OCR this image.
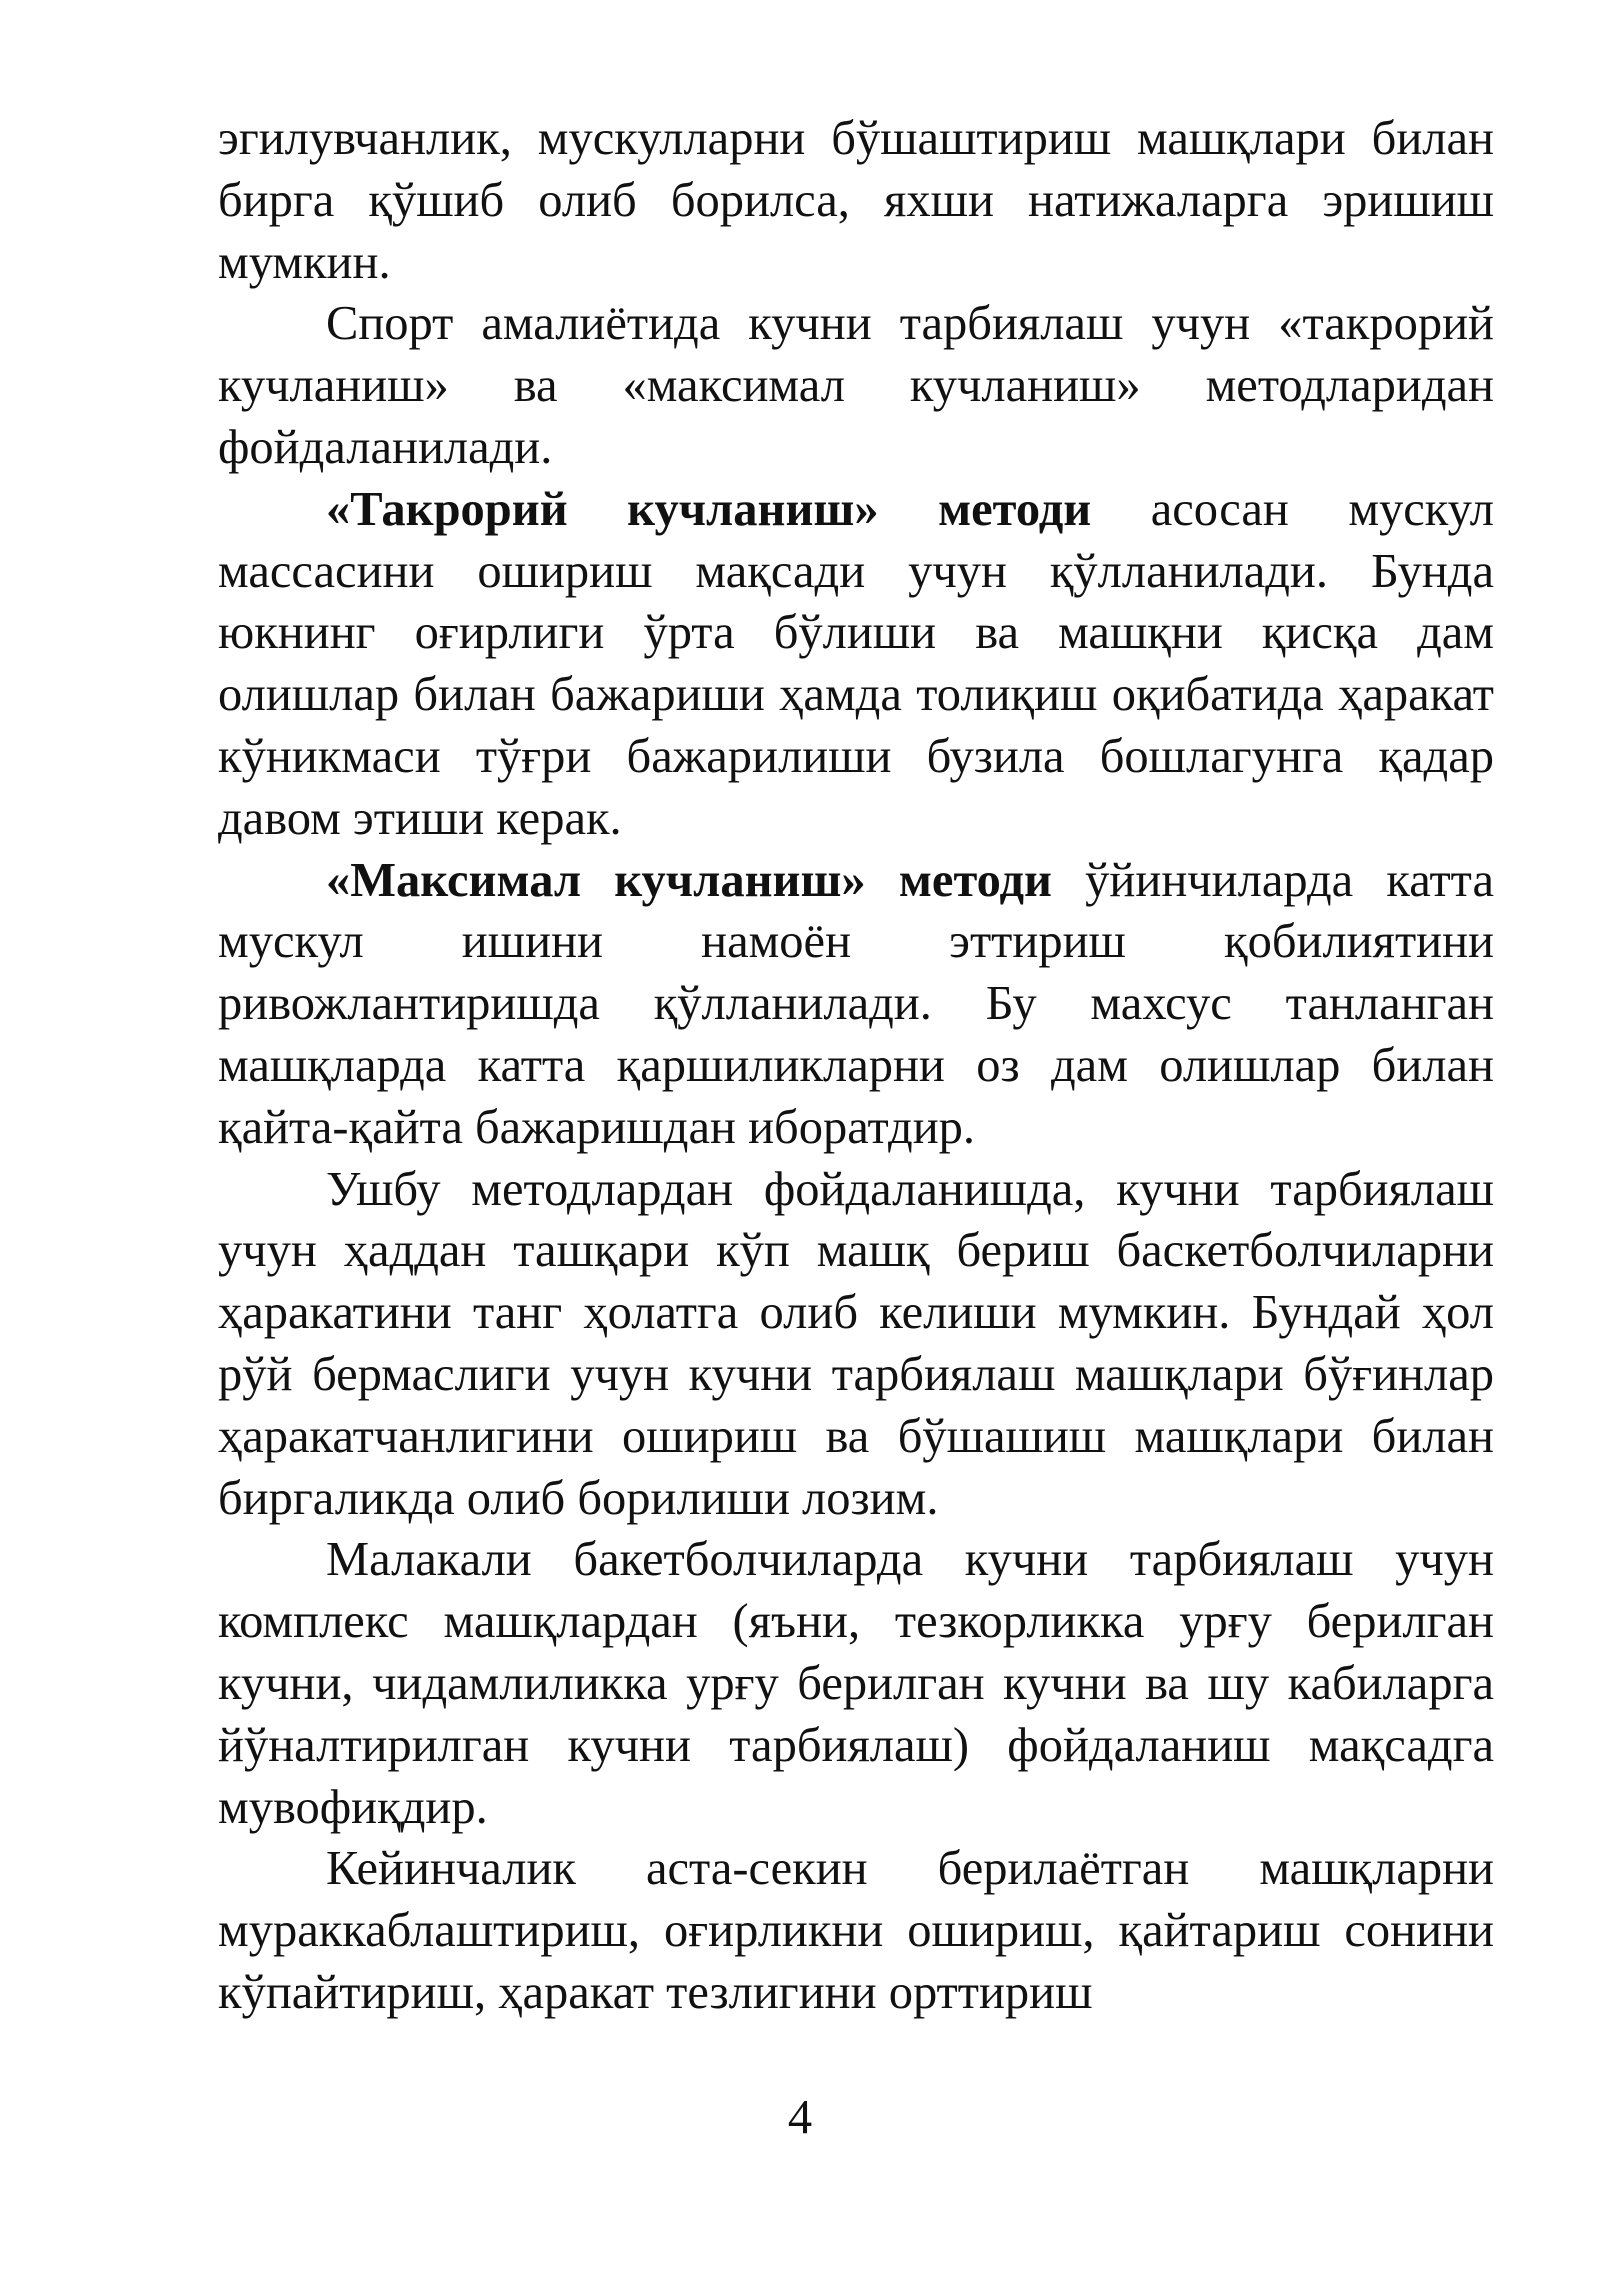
эгилувчанлик, мускулларни бўшаштириш машқлари билан бирга қўшиб олиб борилса, яхши натижаларга эришиш мумкин.

Спорт амалиётида кучни тарбиялаш учун «такрорий кучланиш» ва «максимал кучланиш» методларидан фойдаланилади.

«Такрорий кучланиш» методи асосан мускул массасини ошириш мақсади учун қўлланилади. Бунда юкнинг оғирлиги ўрта бўлиши ва машқни қисқа дам олишлар билан бажариши ҳамда толиқиш оқибатида ҳаракат кўникмаси тўғри бажарилиши бузила бошлагунга қадар давом этиши керак.

«Максимал кучланиш» методи ўйинчиларда катта мускул ишини намоён эттириш қобилиятини ривожлантиришда қўлланилади. Бу махсус танланган машқларда катта қаршиликларни оз дам олишлар билан қайта-қайта бажаришдан иборатдир.

Ушбу методлардан фойдаланишда, кучни тарбиялаш учун ҳаддан ташқари кўп машқ бериш баскетболчиларни ҳаракатини танг ҳолатга олиб келиши мумкин. Бундай ҳол рўй бермаслиги учун кучни тарбиялаш машқлари бўғинлар ҳаракатчанлигини ошириш ва бўшашиш машқлари билан биргаликда олиб борилиши лозим.

Малакали бакетболчиларда кучни тарбиялаш учун комплекс машқлардан (яъни, тезкорликка урғу берилган кучни, чидамлиликка урғу берилган кучни ва шу кабиларга йўналтирилган кучни тарбиялаш) фойдаланиш мақсадга мувофиқдир.

Кейинчалик аста-секин берилаётган машқларни мураккаблаштириш, оғирликни ошириш, қайтариш сонини кўпайтириш, ҳаракат тезлигини орттириш

4
